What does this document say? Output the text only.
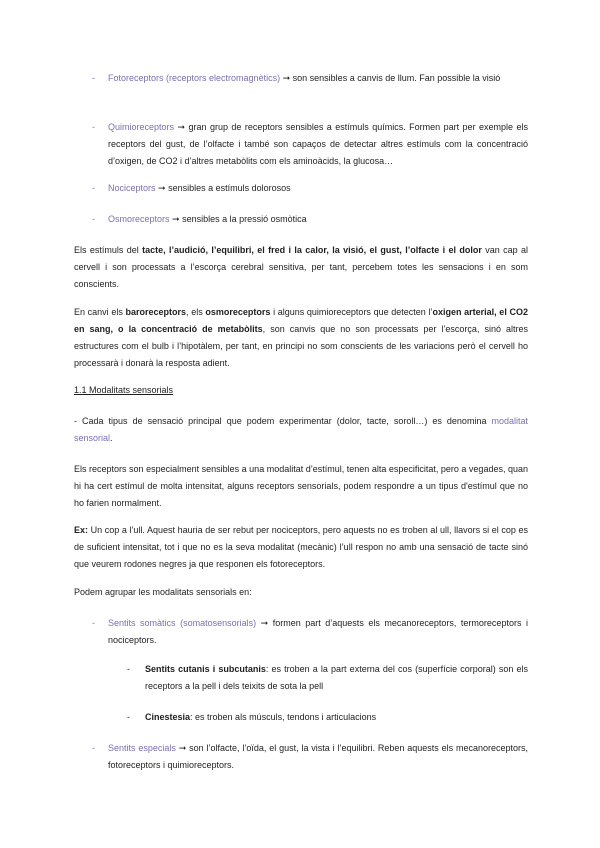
- Fotoreceptors (receptors electromagnètics) ➞ son sensibles a canvis de llum. Fan possible la visió

- Quimioreceptors ➞ gran grup de receptors sensibles a estímuls químics. Formen part per exemple els receptors del gust, de l’olfacte i també son capaços de detectar altres estímuls com la concentració d’oxigen, de CO2 i d’altres metabòlits com els aminoàcids, la glucosa…

- Nociceptors ➞ sensibles a estímuls dolorosos

- Osmoreceptors ➞ sensibles a la pressió osmòtica

Els estímuls del tacte, l’audició, l’equilibri, el fred i la calor, la visió, el gust, l’olfacte i el dolor van cap al cervell i son processats a l’escorça cerebral sensitiva, per tant, percebem totes les sensacions i en som conscients.

En canvi els baroreceptors, els osmoreceptors i alguns quimioreceptors que detecten l’oxigen arterial, el CO2 en sang, o la concentració de metabòlits, son canvis que no son processats per l’escorça, sinó altres estructures com el bulb i l’hipotàlem, per tant, en principi no som conscients de les variacions però el cervell ho processarà i donarà la resposta adient.

1.1 Modalitats sensorials

- Cada tipus de sensació principal que podem experimentar (dolor, tacte, soroll…) es denomina modalitat sensorial.

Els receptors son especialment sensibles a una modalitat d’estímul, tenen alta especificitat, pero a vegades, quan hi ha cert estímul de molta intensitat, alguns receptors sensorials, podem respondre a un tipus d'estímul que no ho farien normalment.

Ex: Un cop a l’ull. Aquest hauria de ser rebut per nociceptors, pero aquests no es troben al ull, llavors si el cop es de suficient intensitat, tot i que no es la seva modalitat (mecànic) l’ull respon no amb una sensació de tacte sinó que veurem rodones negres ja que responen els fotoreceptors.

Podem agrupar les modalitats sensorials en:

- Sentits somàtics (somatosensorials) ➞ formen part d’aquests els mecanoreceptors, termoreceptors i nociceptors.

- Sentits cutanis i subcutanis: es troben a la part externa del cos (superfície corporal) son els receptors a la pell i dels teixits de sota la pell

- Cinestesia: es troben als músculs, tendons i articulacions

- Sentits especials ➞ son l’olfacte, l’oïda, el gust, la vista i l’equilibri. Reben aquests els mecanoreceptors, fotoreceptors i quimioreceptors.
